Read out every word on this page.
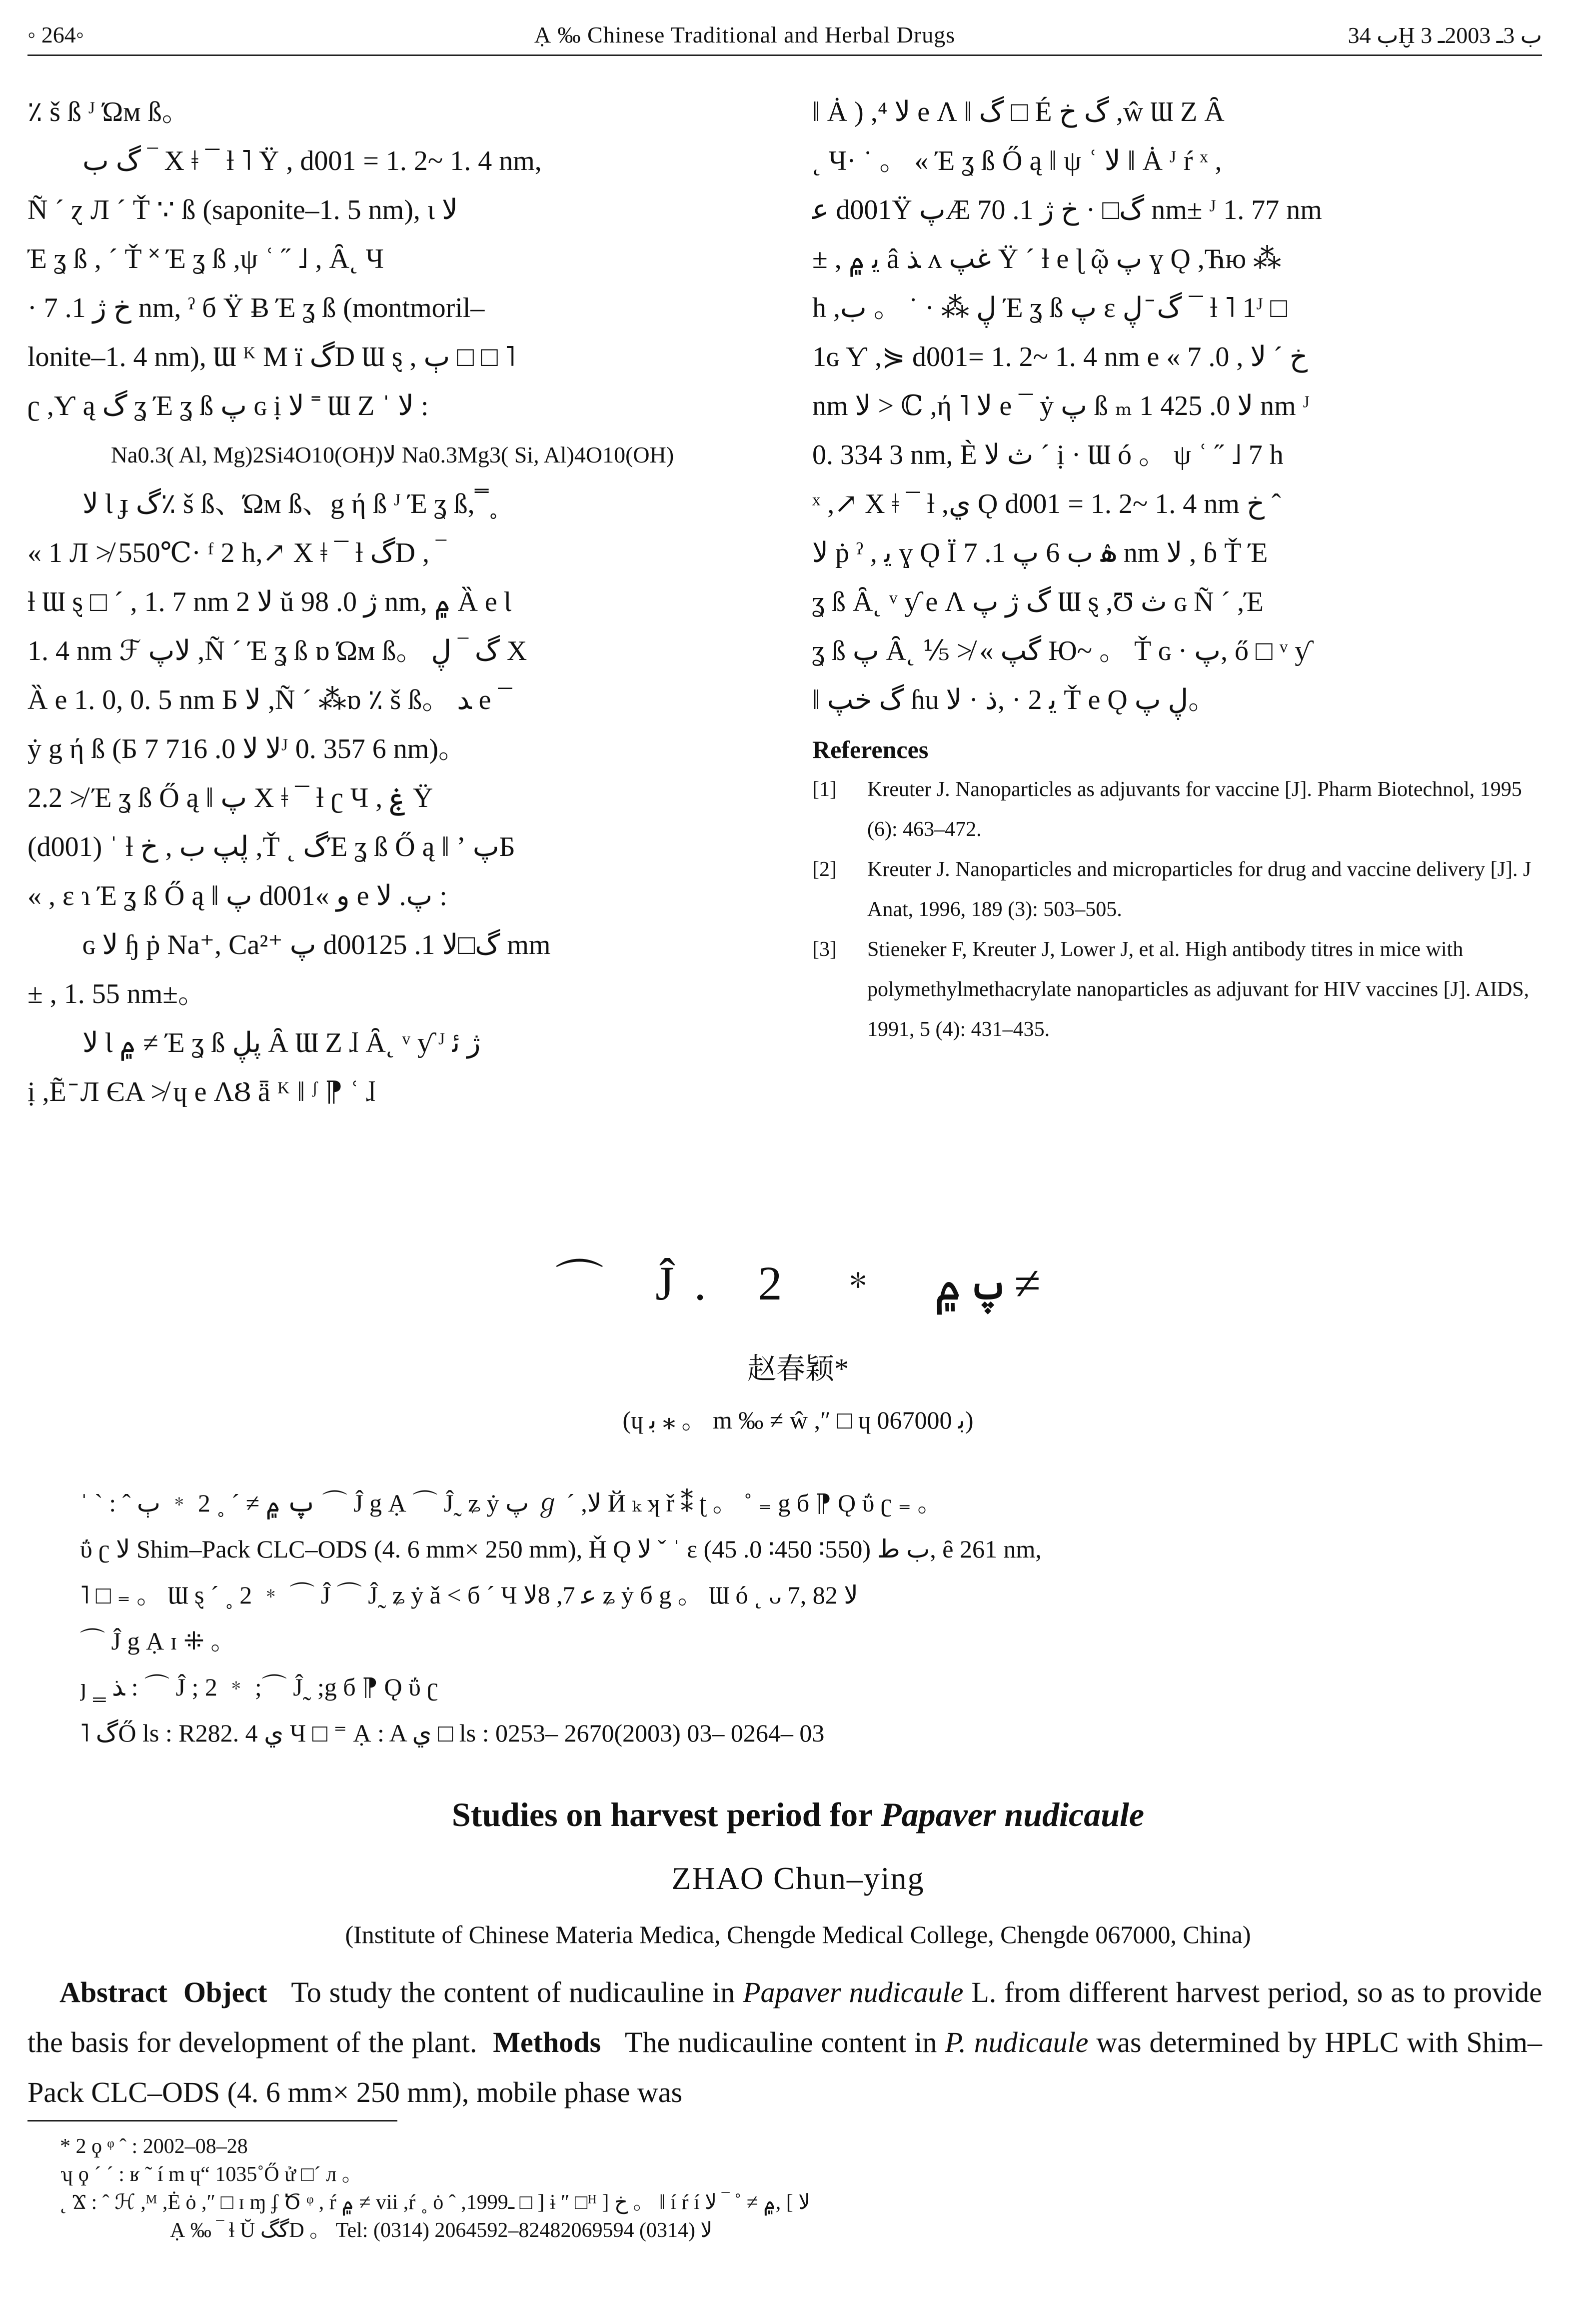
◦ 264◦	Ạ ‰ Chinese Traditional and Herbal Drugs	ب 34Ḫ ب 3ـ 2003ـ 3
٪ š ß ᴶ Ώм ß。
گ ب ‾ X ǂ ¯ ƚ ˥ Ÿ , d001 = 1. 2~ 1. 4 nm,
Ñ ´ ɀ Л ´ Ť ∵ ß (saponite–1. 5 nm), ɩ ﻻ
Έ ʓ ß , ´ Ť ˟ Έ ʓ ß ,ψ ʿ ˝ ˩ , Ȃ˛ Ч
· خ ژ 1. 7 nm, ˀ б Ÿ Ƀ Έ ʓ ß (montmoril–
lonite–1. 4 nm), Ɯ ᴷ M ï گD Ɯ ȿ , ٻ □ □ ˥
ʗ ,Ƴ ą گ ʓ Έ ʓ ß پ ɢ ị ﻻ ˭ Ɯ Ζ ˈ ﻻ :
Na0.3( Al, Mg)2Si4O10(OH)ﻻ Na0.3Mg3( Si, Al)4O10(OH)
ﻻ Ɩ ɟ گ٪ š ß、Ώм ß、g ή ß ᴶ Έ ʓ ß, ̿ ˳
« 1 Л ≯ 550℃· ᶠ 2 h,↗ X ǂ ¯ ƚ گD , ‾
ƚ Ɯ ȿ □ ´ , 1. 7 nm ﻻ 2 ŭ ژ 0. 98 nm, ۾ Ȁ e Ɩ
1. 4 nm ℱ ﻻپ ,Ñ ´ Έ ʓ ß ɒ Ώм ß。 گ ‾ ڸ X
Ȁ e 1. 0, 0. 5 nm Ƃ ﻻ ,Ñ ´ ⁂ɒ ٪ š ß。 ﺪ e ¯
ẏ g ή ß (Ƃ ﻻ ﻻ 0. 716 7ᴶ 0. 357 6 nm)。
2.2 ≯ Έ ʓ ß Ő ą ‖ پ X ǂ ¯ ƚ ʗ Ч , ۼ Ÿ
(d001) ˈ ƚ ڸپ ب , خ ,Ť ˛ گΈ ʓ ß Ő ą ‖ ʼ پƂ
« , ɛ ɿ Έ ʓ ß Ő ą ‖ پ d001« و e پ. ﻻ :
ɢ ﻻ ɧ ṗ Na⁺, Ca²⁺ پ d001گ□ﻻ 1. 25 mm
± , 1. 55 nm±。
ﻻ Ɩ ۾ ≠ Έ ʓ ß پڸ Ȃ Ɯ Ζ ɺ Ȃ˛ ᵛ ƴ ᴶ ژ ﺋ
ị ,Ẽ ̄ Л ЄA ≯ ɥ e ɅȢ ǟ ᴷ ‖ ᶴ ⁋ ʿ ɺ
‖ Ȧ ) ,⁴ ﻻ e Ʌ ‖ گ □ É گ خ ,ŵ Ɯ Ζ Ȃ
˛ Ч· ˙ 。 « Έ ʓ ß Ő ą ‖ ψ ʿ ﻻ ‖ Ȧ ᴶ ŕ ˣ ,
ﻋ d001Ÿ پÆ گ□ · خ ژ 1. 70 nm± ᴶ 1. 77 nm
± , ﻳ ۾ â ﺬ ʌ غپ Ÿ ˊ ƚ e ɭ ῷ پ ɣ Ǫ ,Ћю ⁂
h ,ڸ ⁂ · ˙ 。 ﺏ Έ ʓ ß پ ɛ گ ̄ ڸ ¯ ƚ ˥ 1ᴶ □
1ɢ Ƴ ,⋟ d001= 1. 2~ 1. 4 nm e « خ ˊ ﻻ , 0. 7
nm ﻻ > ℂ ,ή ˥ ﻻ e ¯ ẏ پ ß ₘ ﻻ 0. 425 1 nm ᴶ
0. 334 3 nm, È ﺙ ﻻ ˊ ị · Ɯ ó 。 ψ ʿ ˝ ˩ 7 h
ˣ ,↗ X ǂ ¯ ƚ ,ﻱ Ǫ d001 = 1. 2~ 1. 4 nm خ ˆ
ﻻ ṗ ˀ , ﻳ ɣ Ǫ Ï ۿ ب 6 پ 1. 7 nm ﻻ , ɓ Ť Έ
ʓ ß Ȃ˛ ᵛ ƴ e Ʌ گ ژ پ Ɯ ȿ ,Ʊ ﺙ ɢ Ñ ˊ ,Έ
ʓ ß پ Ȃ˛ ⅕ ≯ « گپ Ю~ 。 Ť ɢ · پ, ő □ ᵛ ƴ
‖ گ خپ ɦu ﻳ 2 · ,ذ · ﻻ Ť e Ǫ ڸ پ。
References
[1]	Kreuter J. Nanoparticles as adjuvants for vaccine [J]. Pharm Biotechnol, 1995 (6): 463–472.
[2]	Kreuter J. Nanoparticles and microparticles for drug and vaccine delivery [J]. J Anat, 1996, 189 (3): 503–505.
[3]	Stieneker F, Kreuter J, Lower J, et al. High antibody titres in mice with polymethylmethacrylate nanoparticles as adjuvant for HIV vaccines [J]. AIDS, 1991, 5 (4): 431–435.
⌒ Ĵ. 2 ﹡ پ ۾ ≠
赵春颖*
(ɥ ﺑ ⁎ 。 m ‰ ≠ ŵ ,″ □ ɥ ﺑ 067000)
ˈ ˋ : ˆ پ ۾ ≠ ˊ ˳ 2 ﹡ ٻ ⌒ Ĵ g Ạ ⌒ Ĵ˷ ʑ ẏ پ ℊ ˊ ,ﻻ Й ₖ ʞ ř ⁑ ʈ 。 ˚ ₌ g б ⁋ Ǫ ΰ ʗ ₌ 。
ΰ ʗ ﻻ Shim–Pack CLC–ODS (4. 6 mm× 250 mm), Ȟ Ǫ ﻻ ˇ ˈ ɛ ﺏ ط (550∶ 450∶ 0. 45), ȇ 261 nm,
˥ □ ₌ 。 Ɯ ȿ ˊ ˳ 2 ﹡ ⌒ Ĵ ⌒ Ĵ˷ ʑ ẏ ǎ ˂ б ˊ Ч ﻋ 7, 8ﻻ ʑ ẏ б g 。 Ɯ ó ˛ ᴗ 7, 8ﻻ 2
⌒ Ĵ g Ạ ɪ ⁜ 。
ȷ ‗ ﺬ : ⌒ Ĵ ; 2 ﹡ ;⌒ Ĵ˷ ;g б ⁋ Ǫ ΰ ʗ
˥ گŐ ls : R282. 4 ﻱ Ч □ ⁼ Ạ : A ﻱ □ ls : 0253– 2670(2003) 03– 0264– 03
Studies on harvest period for Papaver nudicaule
ZHAO Chun–ying
(Institute of Chinese Materia Medica, Chengde Medical College, Chengde 067000, China)
Abstract Object To study the content of nudicauline in Papaver nudicaule L. from different harvest period, so as to provide the basis for development of the plant. Methods The nudicauline content in P. nudicaule was determined by HPLC with Shim–Pack CLC–ODS (4. 6 mm× 250 mm), mobile phase was
* 2 ϙ ᵠ ˆ : 2002–08–28
ʮ ϙ ˊ ˊ : ʁ ˜ í m ɥ“ 1035˚Ő ử □ˊ л 。
˛ Ϫ : ˆ ℋ ,ᴹ ,Ė ȯ ,″ □ ɪ ɱ ʄ Ծ ᵠ , ŕ ۾ ≠ vii ,ŕ ˳ ȯ ˆ ,1999ـ □ ] ɨ ″ □ᴴ ] خ 。 ‖ í ŕ í ﻻ ] ,۾ ≠ ˚ ‾ ﻻ
Ạ ‰ ‾ ɬ Ŭ گگD 。 Tel: (0314) 2064592–8248ﻻ (0314) 2069594
